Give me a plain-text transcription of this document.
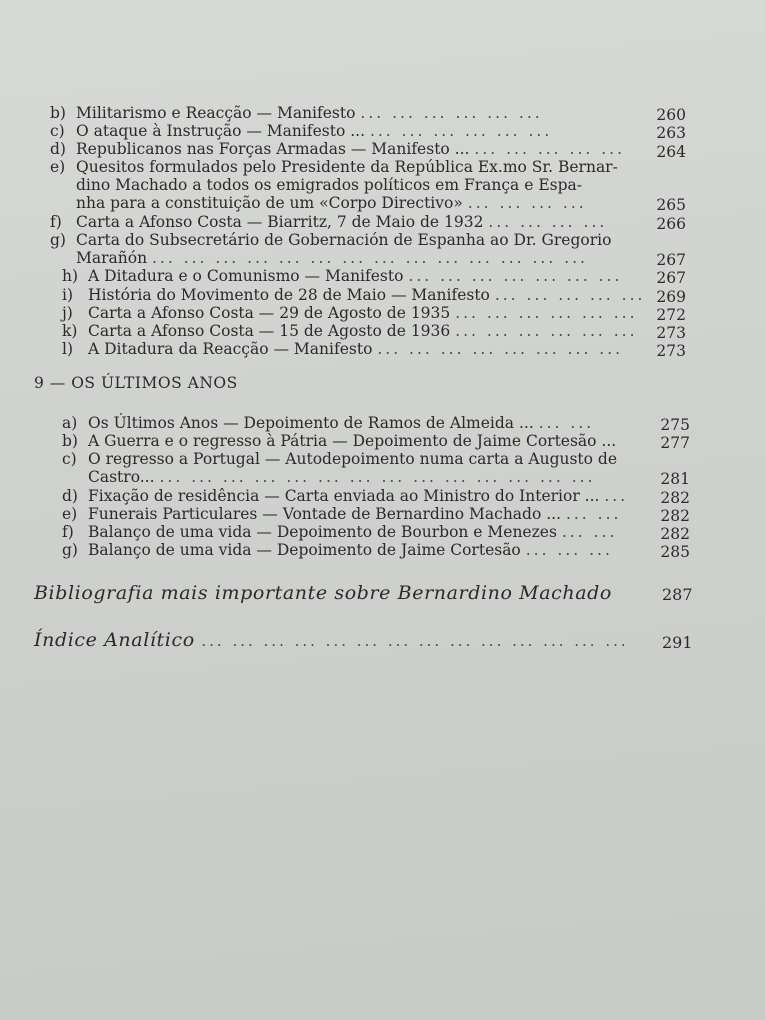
b) Militarismo e Reacção — Manifesto ... ... ... ... ... ...	260
c) O ataque à Instrução — Manifesto ... ... ... ... ... ... ...	263
d) Republicanos nas Forças Armadas — Manifesto ... ... ... ... ... ...	264
e) Quesitos formulados pelo Presidente da República Ex.mo Sr. Bernar-
dino Machado a todos os emigrados políticos em França e Espa-
nha para a constituição de um «Corpo Directivo» ... ... ... ...	265
f) Carta a Afonso Costa — Biarritz, 7 de Maio de 1932 ... ... ... ...	266
g) Carta do Subsecretário de Gobernación de Espanha ao Dr. Gregorio
Marañón ... ... ... ... ... ... ... ... ... ... ... ... ... ...	267
h) A Ditadura e o Comunismo — Manifesto ... ... ... ... ... ... ...	267
i) História do Movimento de 28 de Maio — Manifesto ... ... ... ... ... 269
j) Carta a Afonso Costa — 29 de Agosto de 1935 ... ... ... ... ... ...	272
k) Carta a Afonso Costa — 15 de Agosto de 1936 ... ... ... ... ... ...	273
l) A Ditadura da Reacção — Manifesto ... ... ... ... ... ... ... ...	273
9 — OS ÚLTIMOS ANOS
a) Os Últimos Anos — Depoimento de Ramos de Almeida ... ... ...	275
b) A Guerra e o regresso à Pátria — Depoimento de Jaime Cortesão ...	277
c) O regresso a Portugal — Autodepoimento numa carta a Augusto de
Castro... ... ... ... ... ... ... ... ... ... ... ... ... ... ...	281
d) Fixação de residência — Carta enviada ao Ministro do Interior ... ...	282
e) Funerais Particulares — Vontade de Bernardino Machado ... ... ...	282
f) Balanço de uma vida — Depoimento de Bourbon e Menezes ... ...	282
g) Balanço de uma vida — Depoimento de Jaime Cortesão ... ... ...	285
Bibliografia mais importante sobre Bernardino Machado	287
Índice Analítico ... ... ... ... ... ... ... ... ... ... ... ... ... ... 291
